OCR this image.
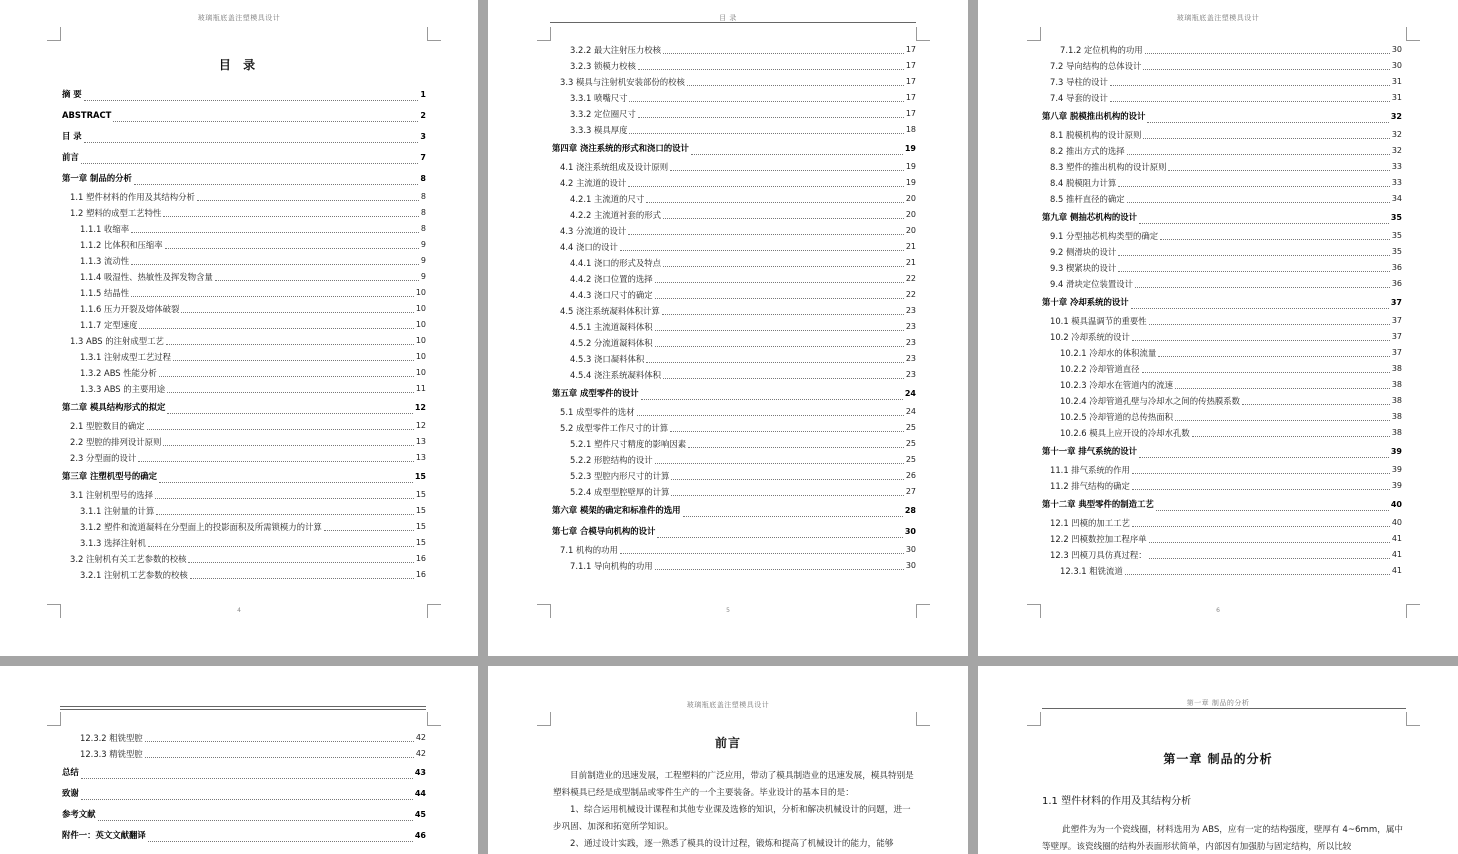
玻璃瓶底盖注塑模具设计
目 录
摘 要	1
ABSTRACT	2
目 录	3
前言	7
第一章 制品的分析	8
1.1 塑件材料的作用及其结构分析	8
1.2 塑料的成型工艺特性	8
1.1.1 收缩率	8
1.1.2 比体积和压缩率	9
1.1.3 流动性	9
1.1.4 吸湿性、热敏性及挥发物含量	9
1.1.5 结晶性	10
1.1.6 压力开裂及熔体破裂	10
1.1.7 定型速度	10
1.3 ABS 的注射成型工艺	10
1.3.1 注射成型工艺过程	10
1.3.2 ABS 性能分析	10
1.3.3 ABS 的主要用途	11
第二章 模具结构形式的拟定	12
2.1 型腔数目的确定	12
2.2 型腔的排列设计原则	13
2.3 分型面的设计	13
第三章 注塑机型号的确定	15
3.1 注射机型号的选择	15
3.1.1 注射量的计算	15
3.1.2 塑件和流道凝料在分型面上的投影面积及所需锁模力的计算	15
3.1.3 选择注射机	15
3.2 注射机有关工艺参数的校核	16
3.2.1 注射机工艺参数的校核	16
4
目 录
3.2.2 最大注射压力校核	17
3.2.3 锁模力校核	17
3.3 模具与注射机安装部份的校核	17
3.3.1 喷嘴尺寸	17
3.3.2 定位圈尺寸	17
3.3.3 模具厚度	18
第四章 浇注系统的形式和浇口的设计	19
4.1 浇注系统组成及设计原则	19
4.2 主流道的设计	19
4.2.1 主流道的尺寸	20
4.2.2 主流道衬套的形式	20
4.3 分流道的设计	20
4.4 浇口的设计	21
4.4.1 浇口的形式及特点	21
4.4.2 浇口位置的选择	22
4.4.3 浇口尺寸的确定	22
4.5 浇注系统凝料体积计算	23
4.5.1 主流道凝料体积	23
4.5.2 分流道凝料体积	23
4.5.3 浇口凝料体积	23
4.5.4 浇注系统凝料体积	23
第五章 成型零件的设计	24
5.1 成型零件的选材	24
5.2 成型零件工作尺寸的计算	25
5.2.1 塑件尺寸精度的影响因素	25
5.2.2 形腔结构的设计	25
5.2.3 型腔内形尺寸的计算	26
5.2.4 成型型腔壁厚的计算	27
第六章 模架的确定和标准件的选用	28
第七章 合模导向机构的设计	30
7.1 机构的功用	30
7.1.1 导向机构的功用	30
5
玻璃瓶底盖注塑模具设计
7.1.2 定位机构的功用	30
7.2 导向结构的总体设计	30
7.3 导柱的设计	31
7.4 导套的设计	31
第八章 脱模推出机构的设计	32
8.1 脱模机构的设计原则	32
8.2 推出方式的选择	32
8.3 塑件的推出机构的设计原则	33
8.4 脱模阻力计算	33
8.5 推杆直径的确定	34
第九章 侧抽芯机构的设计	35
9.1 分型抽芯机构类型的确定	35
9.2 侧滑块的设计	35
9.3 楔紧块的设计	36
9.4 滑块定位装置设计	36
第十章 冷却系统的设计	37
10.1 模具温调节的重要性	37
10.2 冷却系统的设计	37
10.2.1 冷却水的体积流量	37
10.2.2 冷却管道直径	38
10.2.3 冷却水在管道内的流速	38
10.2.4 冷却管道孔壁与冷却水之间的传热膜系数	38
10.2.5 冷却管道的总传热面积	38
10.2.6 模具上应开设的冷却水孔数	38
第十一章 排气系统的设计	39
11.1 排气系统的作用	39
11.2 排气结构的确定	39
第十二章 典型零件的制造工艺	40
12.1 凹模的加工工艺	40
12.2 凹模数控加工程序单	41
12.3 凹模刀具仿真过程：	41
12.3.1 粗铣流道	41
6
12.3.2 粗铣型腔	42
12.3.3 精铣型腔	42
总结	43
致谢	44
参考文献	45
附件一：英文文献翻译	46
玻璃瓶底盖注塑模具设计
前言

目前制造业的迅速发展，工程塑料的广泛应用，带动了模具制造业的迅速发展，模具特别是塑料模具已经是成型制品或零件生产的一个主要装备。毕业设计的基本目的是：

1、综合运用机械设计课程和其他专业课及选修的知识，分析和解决机械设计的问题，进一步巩固、加深和拓宽所学知识。

2、通过设计实践，逐一熟悉了模具的设计过程，锻炼和提高了机械设计的能力，能够

第一章 制品的分析
第一章 制品的分析
1.1 塑件材料的作用及其结构分析
此塑件为为一个瓷线圈，材料选用为 ABS，应有一定的结构强度，壁厚有 4~6mm，属中等壁厚。该瓷线圈的结构外表面形状简单，内部因有加强肋与固定结构，所以比较
